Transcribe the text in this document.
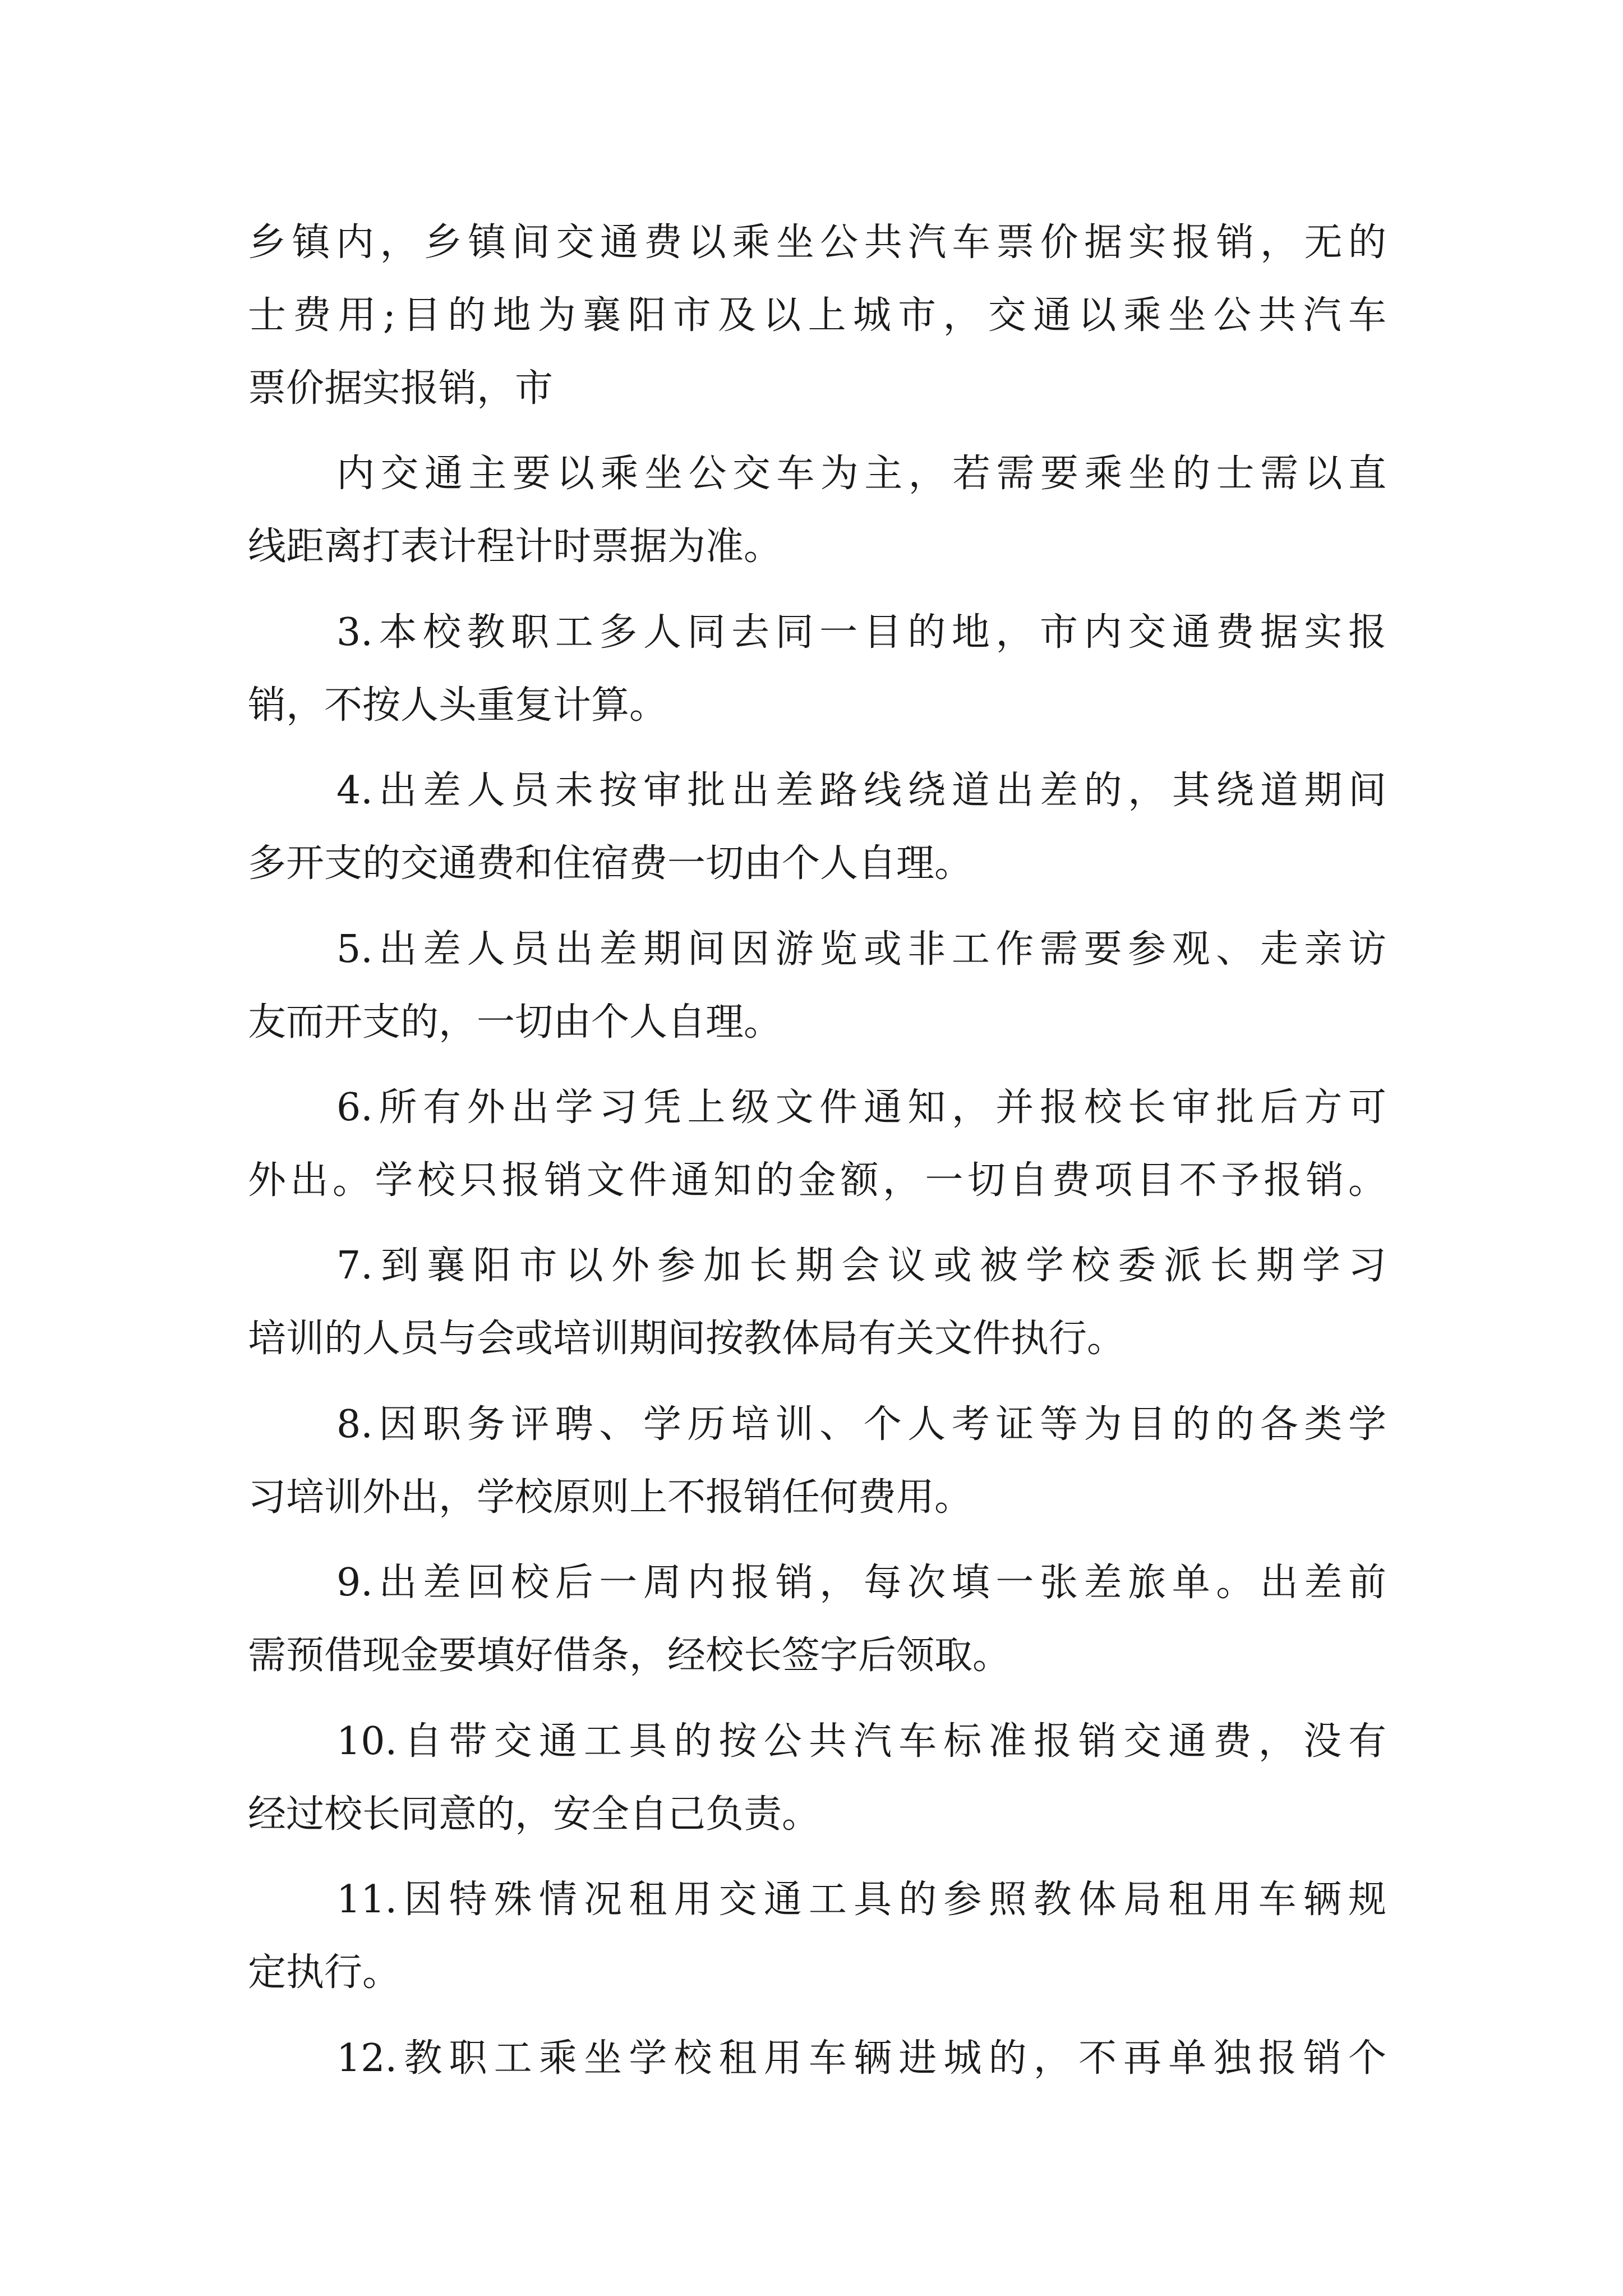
乡镇内，乡镇间交通费以乘坐公共汽车票价据实报销，无的
士费用;目的地为襄阳市及以上城市，交通以乘坐公共汽车
票价据实报销，市
内交通主要以乘坐公交车为主，若需要乘坐的士需以直
线距离打表计程计时票据为准。
3.本校教职工多人同去同一目的地，市内交通费据实报
销，不按人头重复计算。
4.出差人员未按审批出差路线绕道出差的，其绕道期间
多开支的交通费和住宿费一切由个人自理。
5.出差人员出差期间因游览或非工作需要参观、走亲访
友而开支的，一切由个人自理。
6.所有外出学习凭上级文件通知，并报校长审批后方可
外出。学校只报销文件通知的金额，一切自费项目不予报销。
7.到襄阳市以外参加长期会议或被学校委派长期学习
培训的人员与会或培训期间按教体局有关文件执行。
8.因职务评聘、学历培训、个人考证等为目的的各类学
习培训外出，学校原则上不报销任何费用。
9.出差回校后一周内报销，每次填一张差旅单。出差前
需预借现金要填好借条，经校长签字后领取。
10.自带交通工具的按公共汽车标准报销交通费，没有
经过校长同意的，安全自己负责。
11.因特殊情况租用交通工具的参照教体局租用车辆规
定执行。
12.教职工乘坐学校租用车辆进城的，不再单独报销个
